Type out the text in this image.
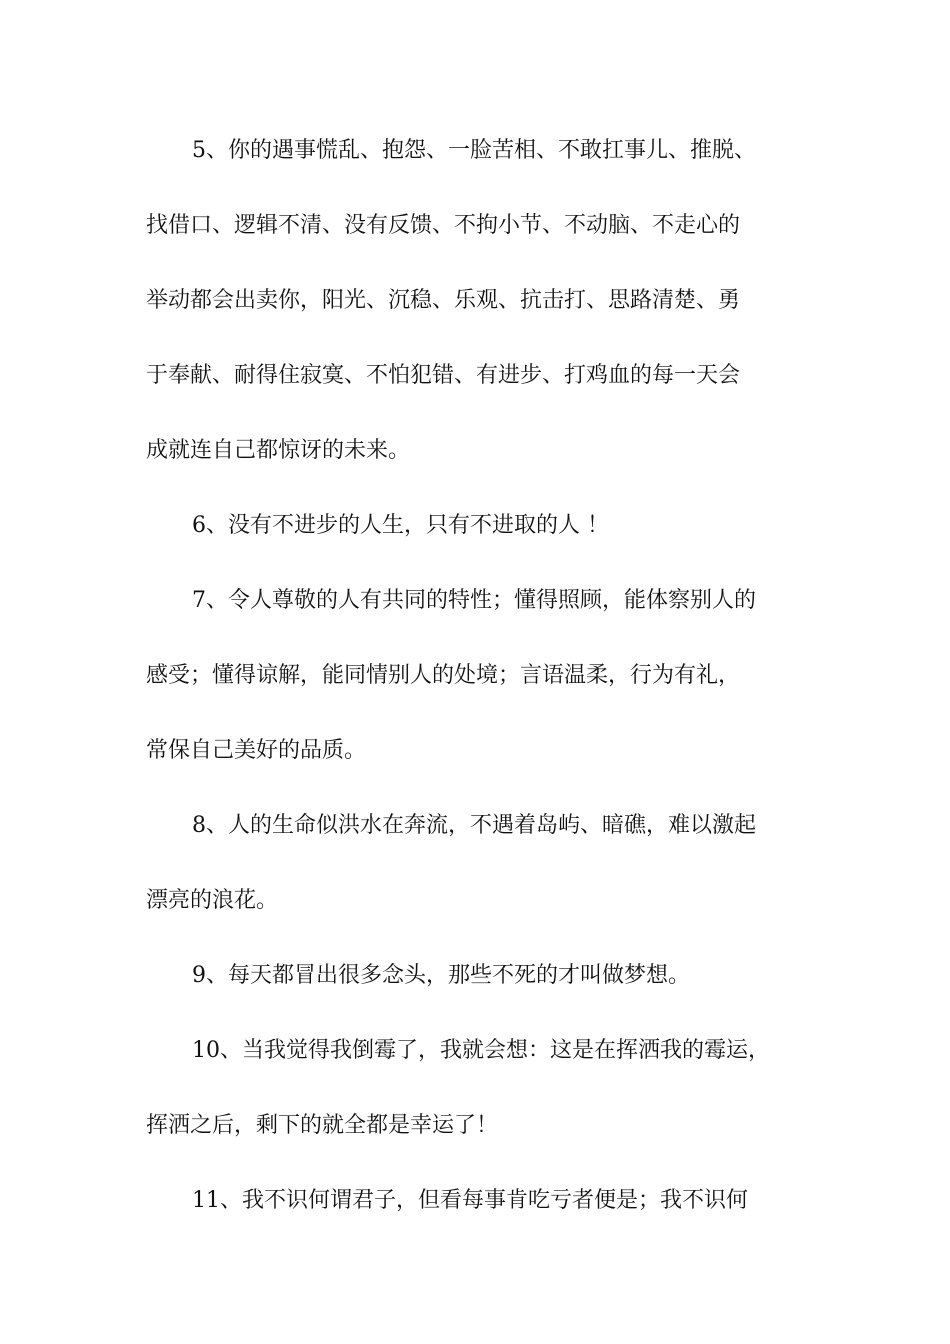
5、你的遇事慌乱、抱怨、一脸苦相、不敢扛事儿、推脱、
找借口、逻辑不清、没有反馈、不拘小节、不动脑、不走心的
举动都会出卖你，阳光、沉稳、乐观、抗击打、思路清楚、勇
于奉献、耐得住寂寞、不怕犯错、有进步、打鸡血的每一天会
成就连自己都惊讶的未来。
6、没有不进步的人生，只有不进取的人 ！
7、令人尊敬的人有共同的特性；懂得照顾，能体察别人的
感受；懂得谅解，能同情别人的处境；言语温柔，行为有礼，
常保自己美好的品质。
8、人的生命似洪水在奔流，不遇着岛屿、暗礁，难以激起
漂亮的浪花。
9、每天都冒出很多念头，那些不死的才叫做梦想。
10、当我觉得我倒霉了，我就会想：这是在挥洒我的霉运，
挥洒之后，剩下的就全都是幸运了！
11、我不识何谓君子，但看每事肯吃亏者便是；我不识何
